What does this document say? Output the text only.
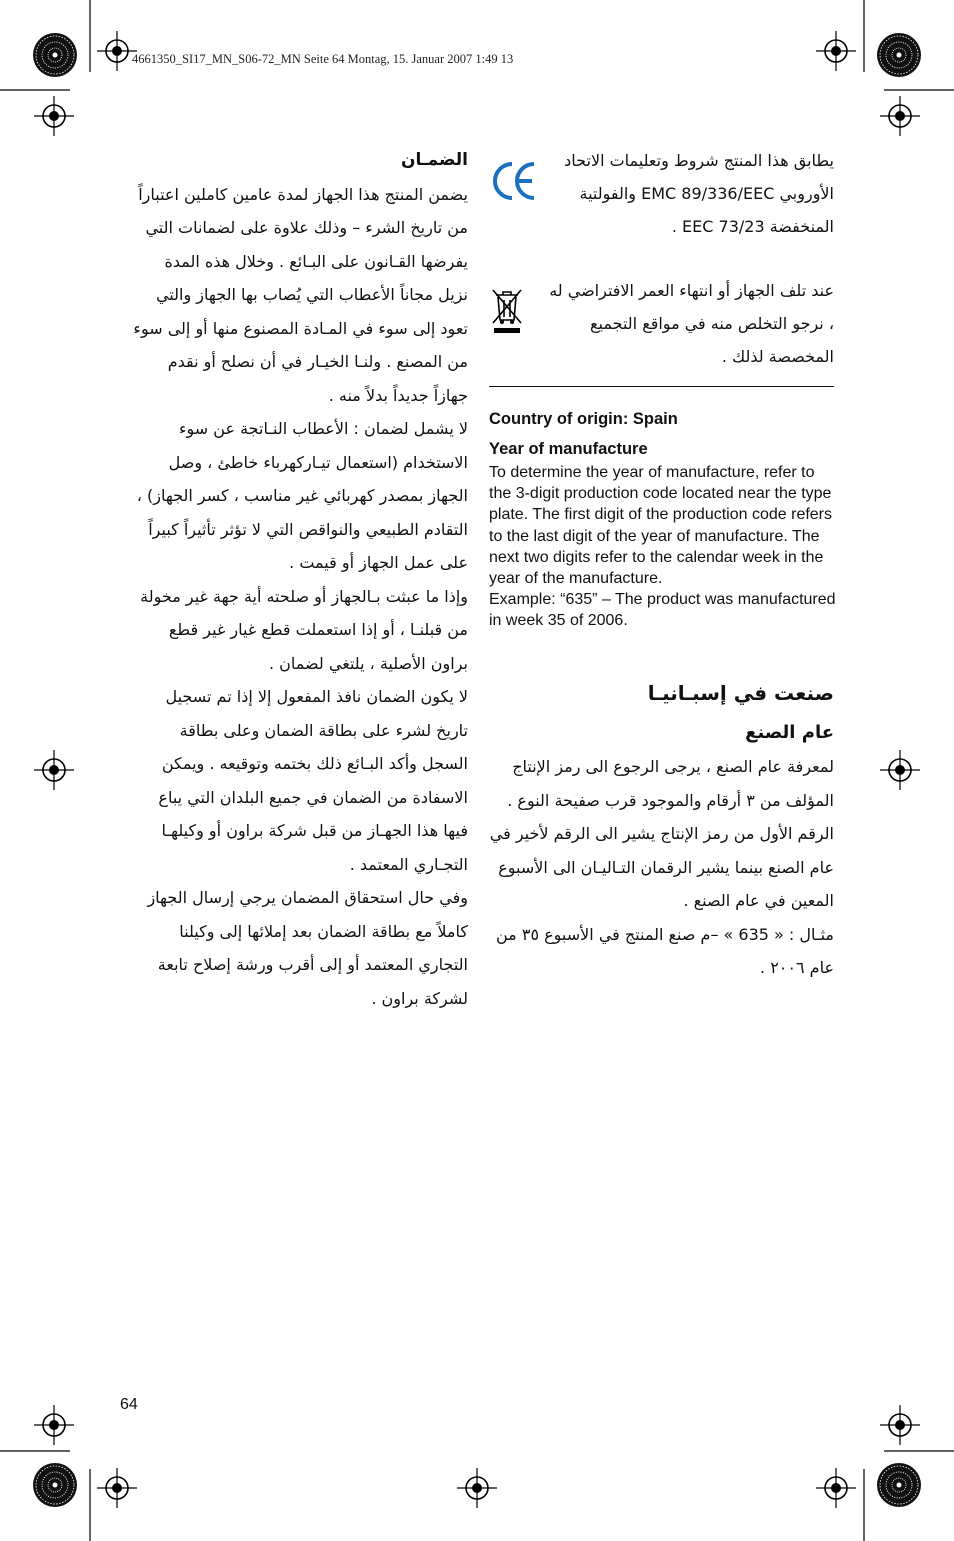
4661350_SI17_MN_S06-72_MN Seite 64 Montag, 15. Januar 2007 1:49 13
الضمـان

يضمن المنتج هذا الجهاز لمدة عامين كاملين اعتباراً من تاريخ الشرء – وذلك علاوة على لضمانات التي يفرضها القـانون على البـائع . وخلال هذه المدة نزيل مجاناً الأعطاب التي يُصاب بها الجهاز والتي تعود إلى سوء في المـادة المصنوع منها أو إلى سوء من المصنع . ولنـا الخيـار في أن نصلح أو نقدم جهازاً جديداً بدلاً منه .

لا يشمل لضمان : الأعطاب النـاتجة عن سوء الاستخدام (استعمال تيـاركهرباء خاطئ ، وصل الجهاز بمصدر كهربائي غير مناسب ، كسر الجهاز) ، التقادم الطبيعي والنواقص التي لا تؤثر تأثيراً كبيراً على عمل الجهاز أو قيمت .

وإذا ما عبثت بـالجهاز أو صلحته أية جهة غير مخولة من قبلنـا ، أو إذا استعملت قطع غيار غير قطع براون الأصلية ، يلتغي لضمان .

لا يكون الضمان نافذ المفعول إلا إذا تم تسجيل تاريخ لشرء على بطاقة الضمان وعلى بطاقة السجل وأكد البـائع ذلك بختمه وتوقيعه . ويمكن الاسفادة من الضمان في جميع البلدان التي يباع فيها هذا الجهـاز من قبل شركة براون أو وكيلهـا التجـاري المعتمد .

وفي حال استحقاق المضمان يرجي إرسال الجهاز كاملاً مع بطاقة الضمان بعد إملائها إلى وكيلنا التجاري المعتمد أو إلى أقرب ورشة إصلاح تابعة لشركة براون .

يطابق هذا المنتج شروط وتعليمات الاتحاد الأوروبي EMC 89/336/EEC والفولتية المنخفضة 73/23 EEC .
عند تلف الجهاز أو انتهاء العمر الافتراضي له ، نرجو التخلص منه في مواقع التجميع المخصصة لذلك .
Country of origin: Spain
Year of manufacture
To determine the year of manufacture, refer to the 3-digit production code located near the type plate. The first digit of the production code refers to the last digit of the year of manufacture. The next two digits refer to the calendar week in the year of the manufacture.
Example: “635” – The product was manufactured in week 35 of 2006.
صنعت في إسبـانيـا
عام الصنع
لمعرفة عام الصنع ، يرجى الرجوع الى رمز الإنتاج المؤلف من ٣ أرقام والموجود قرب صفيحة النوع . الرقم الأول من رمز الإنتاج يشير الى الرقم لأخير في عام الصنع بينما يشير الرقمان التـاليـان الى الأسبوع المعين في عام الصنع .
مثـال : « 635 » –م صنع المنتج في الأسبوع ٣٥ من عام ٢٠٠٦ .
64
